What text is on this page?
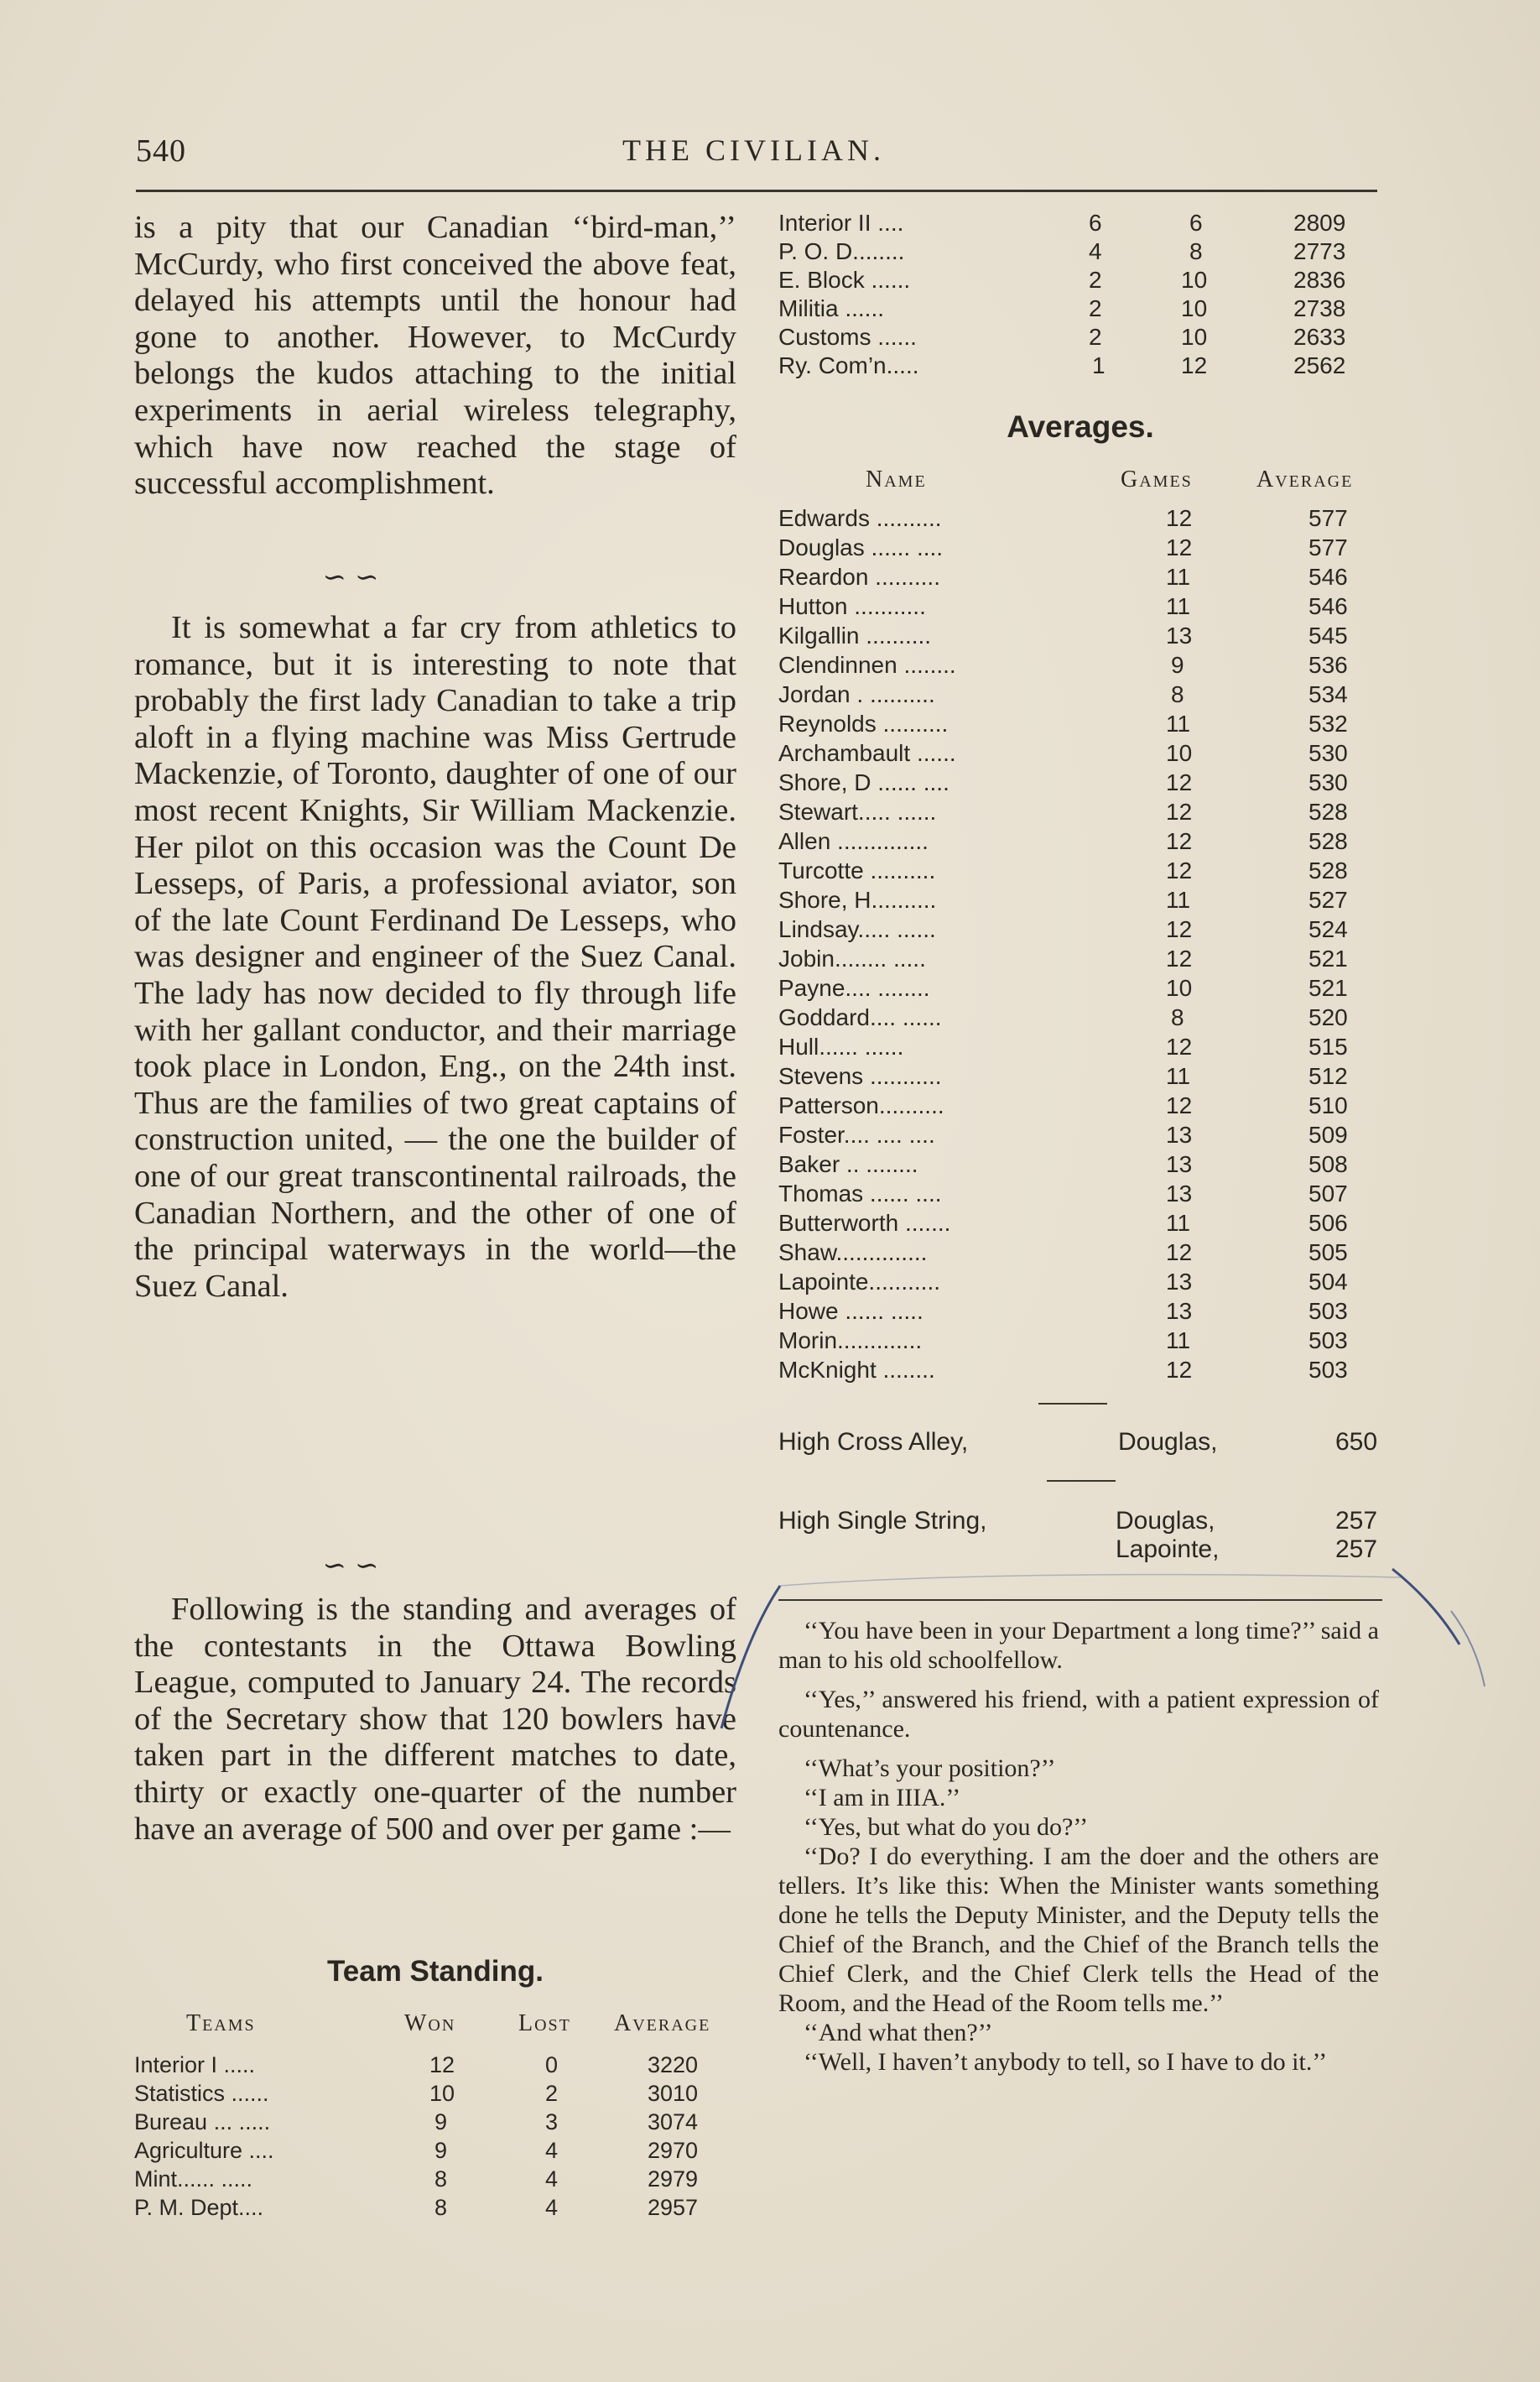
540	THE CIVILIAN.

is a pity that our Canadian ‘‘bird-man,’’ McCurdy, who first conceived the above feat, delayed his attempts until the honour had gone to another. However, to McCurdy belongs the kudos attaching to the initial experiments in aerial wireless telegraphy, which have now reached the stage of successful accomplishment.

∽∽

It is somewhat a far cry from athletics to romance, but it is interesting to note that probably the first lady Canadian to take a trip aloft in a flying machine was Miss Gertrude Mackenzie, of Toronto, daughter of one of our most recent Knights, Sir William Mackenzie. Her pilot on this occasion was the Count De Lesseps, of Paris, a professional aviator, son of the late Count Ferdinand De Lesseps, who was designer and engineer of the Suez Canal. The lady has now decided to fly through life with her gallant conductor, and their marriage took place in London, Eng., on the 24th inst. Thus are the families of two great captains of construction united, — the one the builder of one of our great transcontinental railroads, the Canadian Northern, and the other of one of the principal waterways in the world—the Suez Canal.

∽∽

Following is the standing and averages of the contestants in the Ottawa Bowling League, computed to January 24. The records of the Secretary show that 120 bowlers have taken part in the different matches to date, thirty or exactly one-quarter of the number have an average of 500 and over per game :—

Team Standing.
Teams	Won	Lost Average
Interior I .....	12	0	3220
Statistics ......	10	2	3010
Bureau ... .....	9	3	3074
Agriculture ....	9	4	2970
Mint...... .....	8	4	2979
P. M. Dept....	8	4	2957
Interior II ....	6	6	2809
P. O. D........	4	8	2773
E. Block ......	2	10	2836
Militia ......	2	10	2738
Customs ......	2	10	2633
Ry. Com’n.....	1	12	2562
Averages.
Name	Games	Average
Edwards ..........	12	577
Douglas ...... ....	12	577
Reardon ..........	11	546
Hutton ...........	11	546
Kilgallin ..........	13	545
Clendinnen ........	9	536
Jordan . ..........	8	534
Reynolds ..........	11	532
Archambault ......	10	530
Shore, D ...... ....	12	530
Stewart..... ......	12	528
Allen ..............	12	528
Turcotte ..........	12	528
Shore, H..........	11	527
Lindsay..... ......	12	524
Jobin........ .....	12	521
Payne.... ........	10	521
Goddard.... ......	8	520
Hull...... ......	12	515
Stevens ...........	11	512
Patterson..........	12	510
Foster.... .... ....	13	509
Baker .. ........	13	508
Thomas ...... ....	13	507
Butterworth .......	11	506
Shaw..............	12	505
Lapointe...........	13	504
Howe ...... .....	13	503
Morin.............	11	503
McKnight ........	12	503
High Cross Alley,	Douglas,	650
High Single String,	Douglas,	257
Lapointe,	257

‘‘You have been in your Department a long time?’’ said a man to his old schoolfellow.

‘‘Yes,’’ answered his friend, with a patient expression of countenance.

‘‘What’s your position?’’

‘‘I am in IIIA.’’

‘‘Yes, but what do you do?’’

‘‘Do? I do everything. I am the doer and the others are tellers. It’s like this: When the Minister wants something done he tells the Deputy Minister, and the Deputy tells the Chief of the Branch, and the Chief of the Branch tells the Chief Clerk, and the Chief Clerk tells the Head of the Room, and the Head of the Room tells me.’’

‘‘And what then?’’

‘‘Well, I haven’t anybody to tell, so I have to do it.’’
